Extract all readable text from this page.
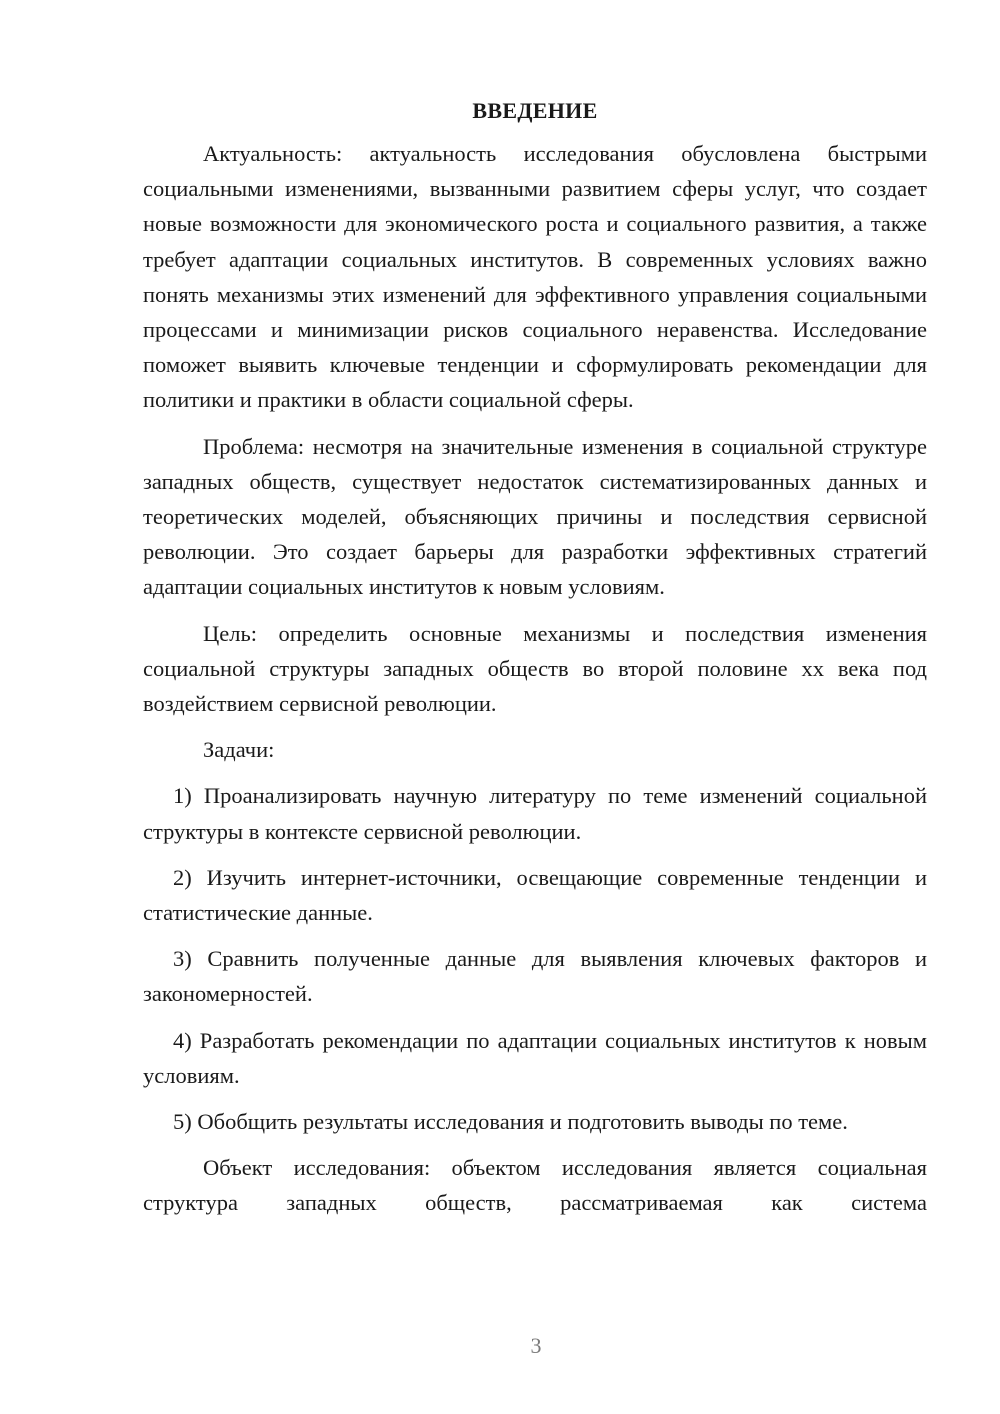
ВВЕДЕНИЕ

Актуальность: актуальность исследования обусловлена быстрыми социальными изменениями, вызванными развитием сферы услуг, что создает новые возможности для экономического роста и социального развития, а также требует адаптации социальных институтов. В современных условиях важно понять механизмы этих изменений для эффективного управления социальными процессами и минимизации рисков социального неравенства. Исследование поможет выявить ключевые тенденции и сформулировать рекомендации для политики и практики в области социальной сферы.

Проблема: несмотря на значительные изменения в социальной структуре западных обществ, существует недостаток систематизированных данных и теоретических моделей, объясняющих причины и последствия сервисной революции. Это создает барьеры для разработки эффективных стратегий адаптации социальных институтов к новым условиям.

Цель: определить основные механизмы и последствия изменения социальной структуры западных обществ во второй половине xx века под воздействием сервисной революции.

Задачи:

1) Проанализировать научную литературу по теме изменений социальной структуры в контексте сервисной революции.

2) Изучить интернет-источники, освещающие современные тенденции и статистические данные.

3) Сравнить полученные данные для выявления ключевых факторов и закономерностей.

4) Разработать рекомендации по адаптации социальных институтов к новым условиям.

5) Обобщить результаты исследования и подготовить выводы по теме.

Объект исследования: объектом исследования является социальная структура западных обществ, рассматриваемая как система

3
